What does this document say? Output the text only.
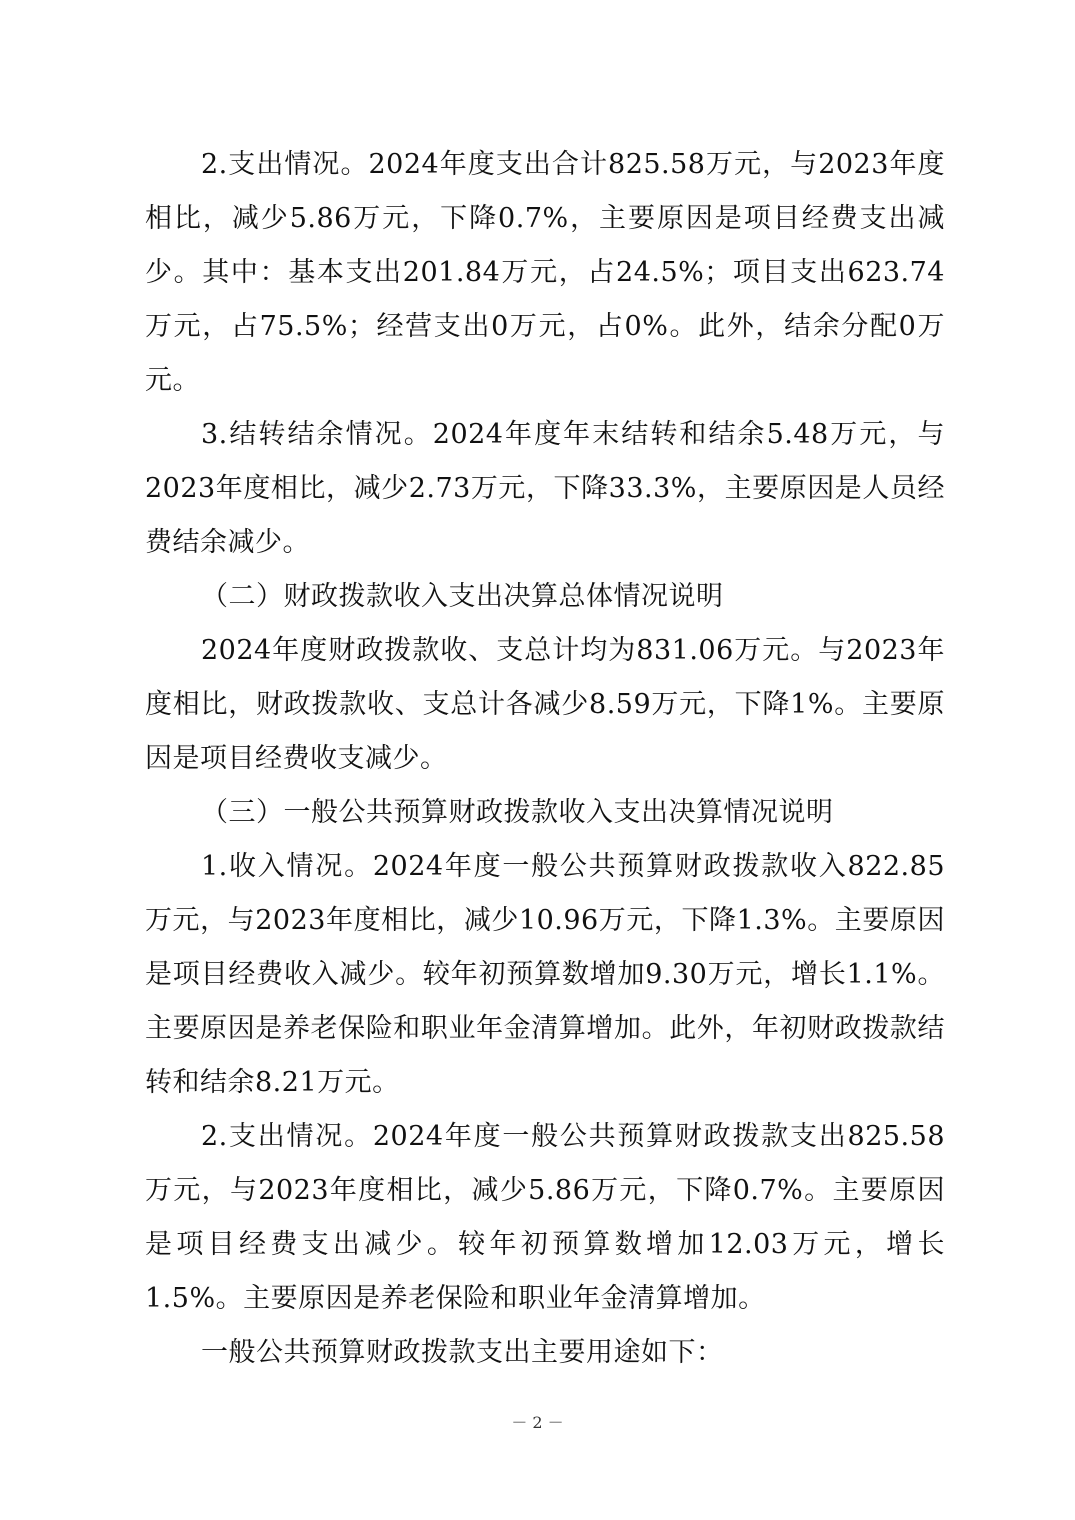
2.支出情况。2024年度支出合计825.58万元，与2023年度相比，减少5.86万元，下降0.7%，主要原因是项目经费支出减少。其中：基本支出201.84万元，占24.5%；项目支出623.74万元，占75.5%；经营支出0万元，占0%。此外，结余分配0万元。

3.结转结余情况。2024年度年末结转和结余5.48万元，与2023年度相比，减少2.73万元，下降33.3%，主要原因是人员经费结余减少。

（二）财政拨款收入支出决算总体情况说明

2024年度财政拨款收、支总计均为831.06万元。与2023年度相比，财政拨款收、支总计各减少8.59万元，下降1%。主要原因是项目经费收支减少。

（三）一般公共预算财政拨款收入支出决算情况说明

1.收入情况。2024年度一般公共预算财政拨款收入822.85万元，与2023年度相比，减少10.96万元，下降1.3%。主要原因是项目经费收入减少。较年初预算数增加9.30万元，增长1.1%。主要原因是养老保险和职业年金清算增加。此外，年初财政拨款结转和结余8.21万元。

2.支出情况。2024年度一般公共预算财政拨款支出825.58万元，与2023年度相比，减少5.86万元，下降0.7%。主要原因是项目经费支出减少。较年初预算数增加12.03万元，增长1.5%。主要原因是养老保险和职业年金清算增加。

一般公共预算财政拨款支出主要用途如下：

－ 2 －
